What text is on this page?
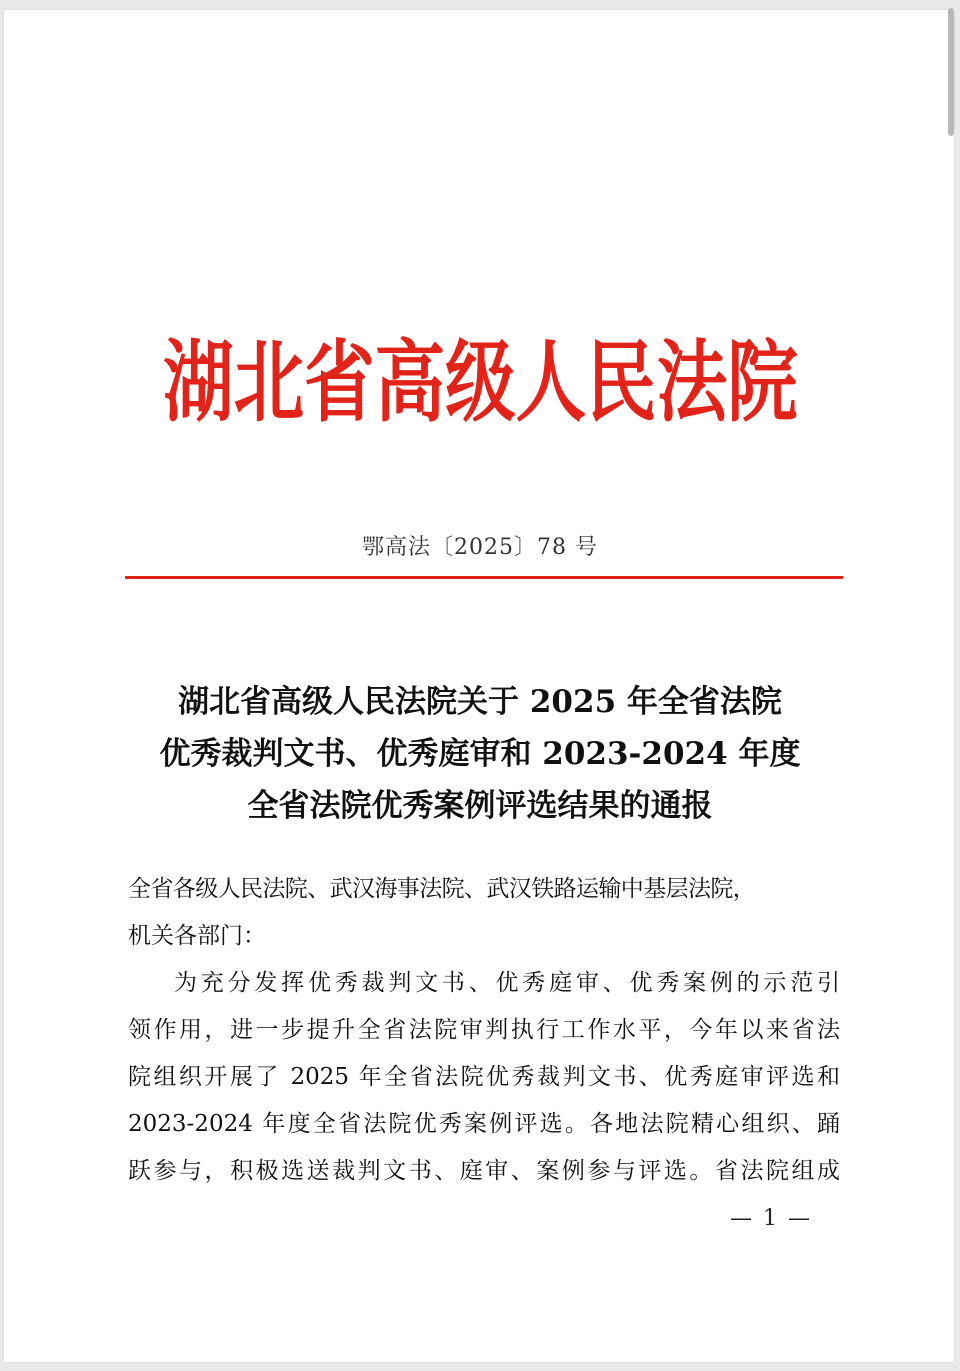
湖北省高级人民法院
鄂高法〔2025〕78 号
湖北省高级人民法院关于 2025 年全省法院
优秀裁判文书、优秀庭审和 2023-2024 年度
全省法院优秀案例评选结果的通报
全省各级人民法院、武汉海事法院、武汉铁路运输中基层法院，
机关各部门：
为充分发挥优秀裁判文书、优秀庭审、优秀案例的示范引
领作用，进一步提升全省法院审判执行工作水平，今年以来省法
院组织开展了 2025 年全省法院优秀裁判文书、优秀庭审评选和
2023-2024 年度全省法院优秀案例评选。各地法院精心组织、踊
跃参与，积极选送裁判文书、庭审、案例参与评选。省法院组成
— 1 —
